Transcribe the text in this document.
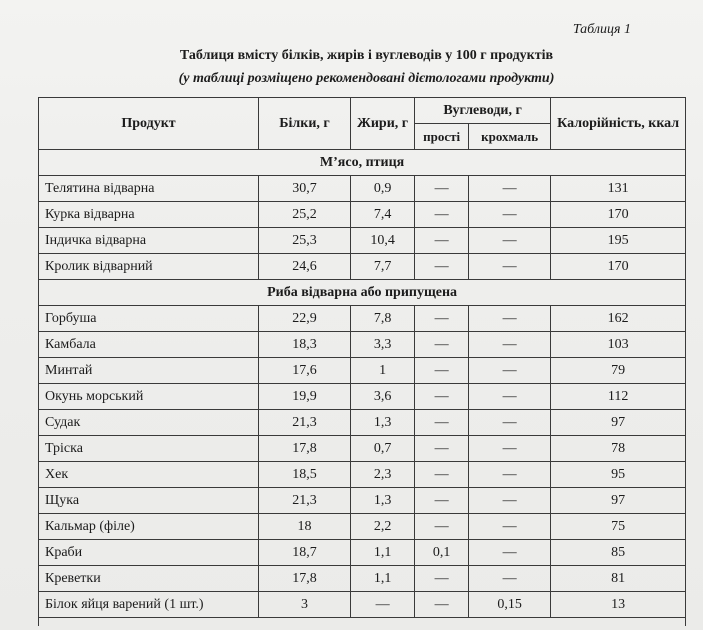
Таблиця 1
Таблиця вмісту білків, жирів і вуглеводів у 100 г продуктів
(у таблиці розміщено рекомендовані дієтологами продукти)
Продукт	Білки, г	Жири, г	Вуглеводи, г		Калорійність, ккал
			прості	крохмаль	
М’ясо, птиця					
Телятина відварна	30,7	0,9	—	—	131
Курка відварна	25,2	7,4	—	—	170
Індичка відварна	25,3	10,4	—	—	195
Кролик відварний	24,6	7,7	—	—	170
Риба відварна або припущена					
Горбуша	22,9	7,8	—	—	162
Камбала	18,3	3,3	—	—	103
Минтай	17,6	1	—	—	79
Окунь морський	19,9	3,6	—	—	112
Судак	21,3	1,3	—	—	97
Тріска	17,8	0,7	—	—	78
Хек	18,5	2,3	—	—	95
Щука	21,3	1,3	—	—	97
Кальмар (філе)	18	2,2	—	—	75
Краби	18,7	1,1	0,1	—	85
Креветки	17,8	1,1	—	—	81
Білок яйця варений (1 шт.)	3	—	—	0,15	13
